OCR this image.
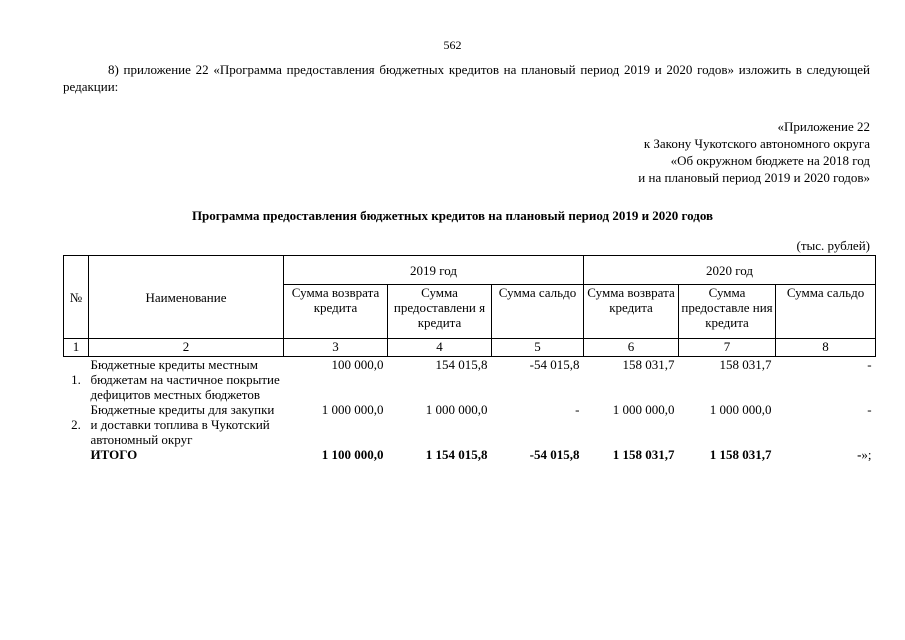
562
8) приложение 22 «Программа предоставления бюджетных кредитов на плановый период 2019 и 2020 годов» изложить в следующей редакции:
«Приложение 22
к Закону Чукотского автономного округа
«Об окружном бюджете на 2018 год
и на плановый период 2019 и 2020 годов»
Программа предоставления бюджетных кредитов на плановый период 2019 и 2020 годов
(тыс. рублей)
№	Наименование	2019 год			2020 год		
		Сумма возврата кредита	Сумма предоставлени я кредита	Сумма сальдо	Сумма возврата кредита	Сумма предоставле ния кредита	Сумма сальдо
1	2	3	4	5	6	7	8
1.	Бюджетные кредиты местным бюджетам на частичное покрытие дефицитов местных бюджетов	100 000,0	154 015,8	-54 015,8	158 031,7	158 031,7	-
2.	Бюджетные кредиты для закупки и доставки топлива в Чукотский автономный округ	1 000 000,0	1 000 000,0	-	1 000 000,0	1 000 000,0	-
	ИТОГО	1 100 000,0	1 154 015,8	-54 015,8	1 158 031,7	1 158 031,7	-»;
